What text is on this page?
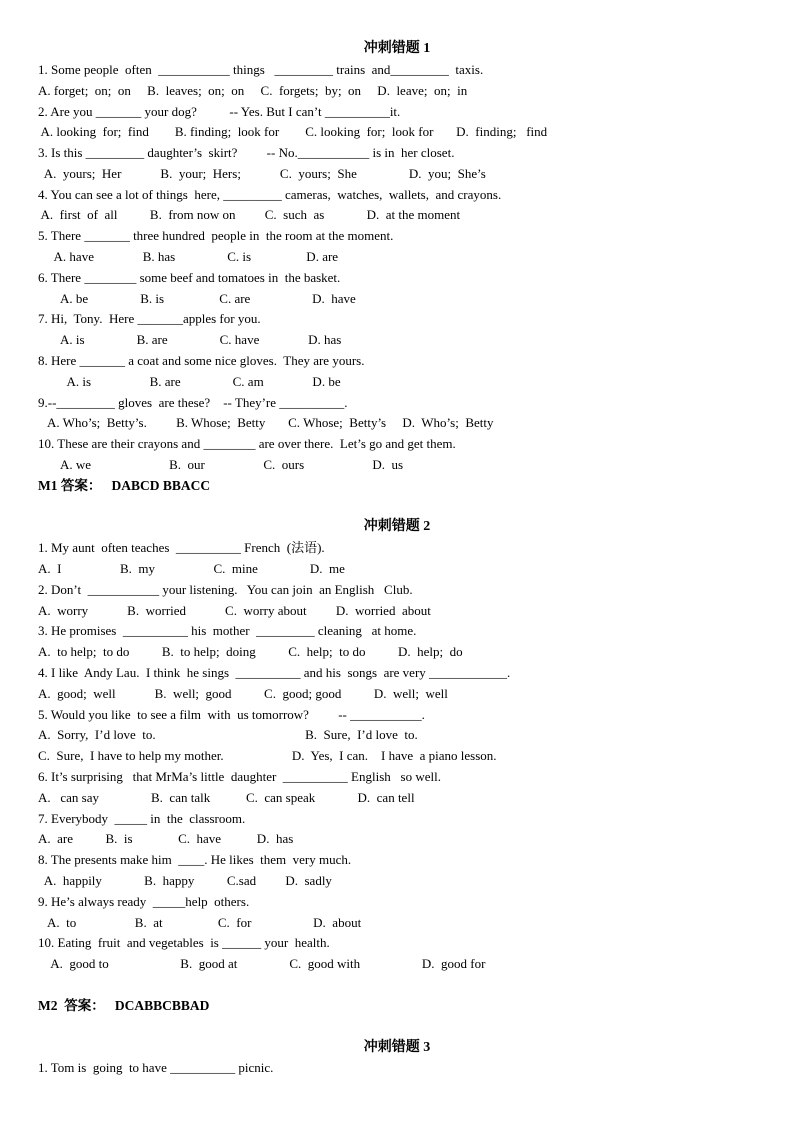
冲刺错题 1
1. Some people  often  ___________ things   _________ trains  and_________  taxis.
A. forget;  on;  on     B.  leaves;  on;  on     C.  forgets;  by;  on     D.  leave;  on;  in
2. Are you _______ your dog?          -- Yes. But I can’t __________it.
A. looking  for;  find        B. finding;  look for        C. looking  for;  look for       D.  finding;   find
3. Is this _________ daughter’s  skirt?         -- No.___________ is in  her closet.
A.  yours;  Her            B.  your;  Hers;            C.  yours;  She                D.  you;  She’s
4. You can see a lot of things  here, _________ cameras,  watches,  wallets,  and crayons.
A.  first  of  all          B.  from now on         C.  such  as             D.  at the moment
5. There _______ three hundred  people in  the room at the moment.
A. have               B. has                C. is                 D. are
6. There ________ some beef and tomatoes in  the basket.
A. be                B. is                 C. are                   D.  have
7. Hi,  Tony.  Here _______apples for you.
A. is                B. are                C. have               D. has
8. Here _______ a coat and some nice gloves.  They are yours.
A. is                  B. are                C. am               D. be
9.--_________ gloves  are these?    -- They’re __________.
A. Who’s;  Betty’s.         B. Whose;  Betty       C. Whose;  Betty’s     D.  Who’s;  Betty
10. These are their crayons and ________ are over there.  Let’s go and get them.
A. we                        B.  our                  C.  ours                     D.  us
M1 答案：   DABCD BBACC
冲刺错题 2
1. My aunt  often teaches  __________ French  (法语).
A.  I                  B.  my                  C.  mine                D.  me
2. Don’t  ___________ your listening.   You can join  an English   Club.
A.  worry            B.  worried            C.  worry about         D.  worried  about
3. He promises  __________ his  mother  _________ cleaning   at home.
A.  to help;  to do          B.  to help;  doing          C.  help;  to do          D.  help;  do
4. I like  Andy Lau.  I think  he sings  __________ and his  songs  are very ____________.
A.  good;  well            B.  well;  good          C.  good; good          D.  well;  well
5. Would you like  to see a film  with  us tomorrow?         -- ___________.
A.  Sorry,  I’d love  to.                                              B.  Sure,  I’d love  to.
C.  Sure,  I have to help my mother.                     D.  Yes,  I can.    I have  a piano lesson.
6. It’s surprising   that MrMa’s little  daughter  __________ English   so well.
A.   can say                B.  can talk           C.  can speak             D.  can tell
7. Everybody  _____ in  the  classroom.
A.  are          B.  is              C.  have           D.  has
8. The presents make him  ____. He likes  them  very much.
A.  happily             B.  happy          C.sad         D.  sadly
9. He’s always ready  _____help  others.
A.  to                  B.  at                 C.  for                   D.  about
10. Eating  fruit  and vegetables  is ______ your  health.
A.  good to                      B.  good at                C.  good with                   D.  good for
M2  答案：   DCABBCBBAD
冲刺错题 3
1. Tom is  going  to have __________ picnic.
